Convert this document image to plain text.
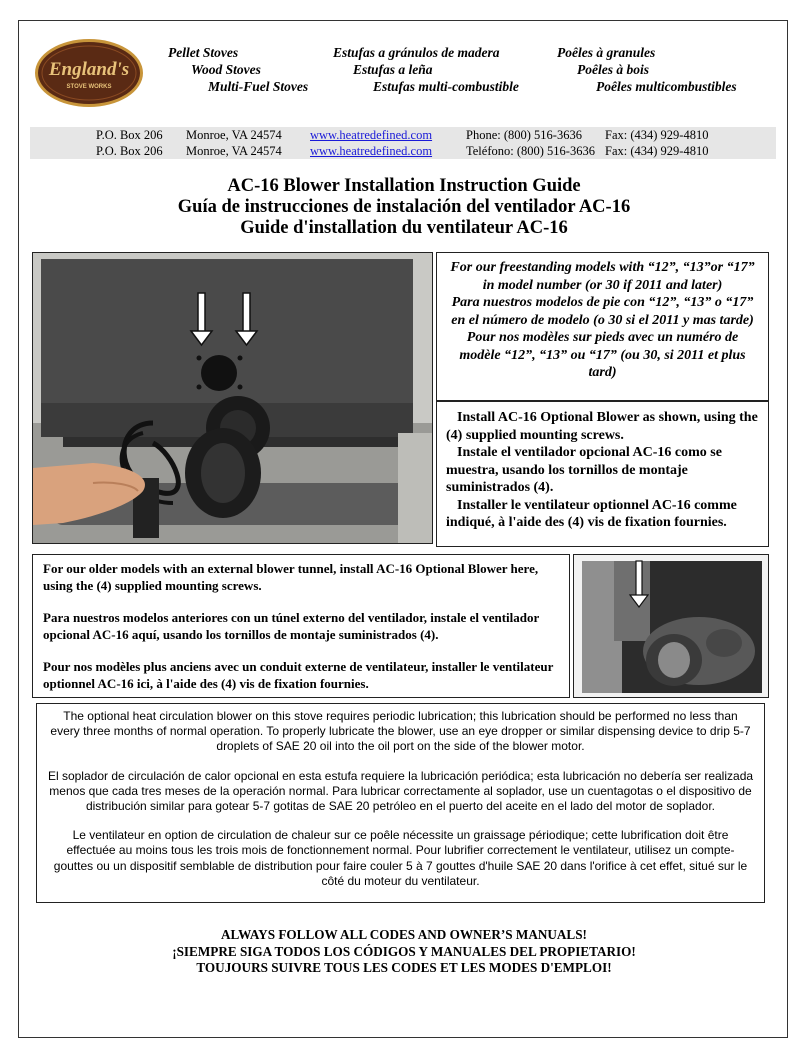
England's
STOVE WORKS
Pellet Stoves
Wood Stoves
Multi-Fuel Stoves
Estufas a gránulos de madera
Estufas a leña
Estufas multi-combustible
Poêles à granules
Poêles à bois
Poêles multicombustibles
P.O. Box 206 Monroe, VA 24574 www.heatredefined.com	Phone: (800) 516-3636 Fax: (434) 929-4810
P.O. Box 206 Monroe, VA 24574 www.heatredefined.com	Teléfono: (800) 516-3636 Fax: (434) 929-4810
AC-16 Blower Installation Instruction Guide
Guía de instrucciones de instalación del ventilador AC-16
Guide d'installation du ventilateur AC-16
For our freestanding models with “12”, “13”or “17” in model number (or 30 if 2011 and later)
Para nuestros modelos de pie con “12”, “13” o “17” en el número de modelo (o 30 si el 2011 y mas tarde)
Pour nos modèles sur pieds avec un numéro de modèle “12”, “13” ou “17” (ou 30, si 2011 et plus tard)

Install AC-16 Optional Blower as shown, using the (4) supplied mounting screws.

Instale el ventilador opcional AC-16 como se muestra, usando los tornillos de montaje suministrados (4).

Installer le ventilateur optionnel AC-16 comme indiqué, à l'aide des (4) vis de fixation fournies.

For our older models with an external blower tunnel, install AC-16 Optional Blower here, using the (4) supplied mounting screws.

Para nuestros modelos anteriores con un túnel externo del ventilador, instale el ventilador opcional AC-16 aquí, usando los tornillos de montaje suministrados (4).

Pour nos modèles plus anciens avec un conduit externe de ventilateur, installer le ventilateur optionnel AC-16 ici, à l'aide des (4) vis de fixation fournies.

The optional heat circulation blower on this stove requires periodic lubrication; this lubrication should be performed no less than every three months of normal operation. To properly lubricate the blower, use an eye dropper or similar dispensing device to drip 5-7 droplets of SAE 20 oil into the oil port on the side of the blower motor.

El soplador de circulación de calor opcional en esta estufa requiere la lubricación periódica; esta lubricación no debería ser realizada menos que cada tres meses de la operación normal. Para lubricar correctamente al soplador, use un cuentagotas o el dispositivo de distribución similar para gotear 5-7 gotitas de SAE 20 petróleo en el puerto del aceite en el lado del motor de soplador.

Le ventilateur en option de circulation de chaleur sur ce poêle nécessite un graissage périodique; cette lubrification doit être effectuée au moins tous les trois mois de fonctionnement normal. Pour lubrifier correctement le ventilateur, utilisez un compte-gouttes ou un dispositif semblable de distribution pour faire couler 5 à 7 gouttes d'huile SAE 20 dans l'orifice à cet effet, situé sur le côté du moteur du ventilateur.

ALWAYS FOLLOW ALL CODES AND OWNER’S MANUALS!
¡SIEMPRE SIGA TODOS LOS CÓDIGOS Y MANUALES DEL PROPIETARIO!
TOUJOURS SUIVRE TOUS LES CODES ET LES MODES D'EMPLOI!
